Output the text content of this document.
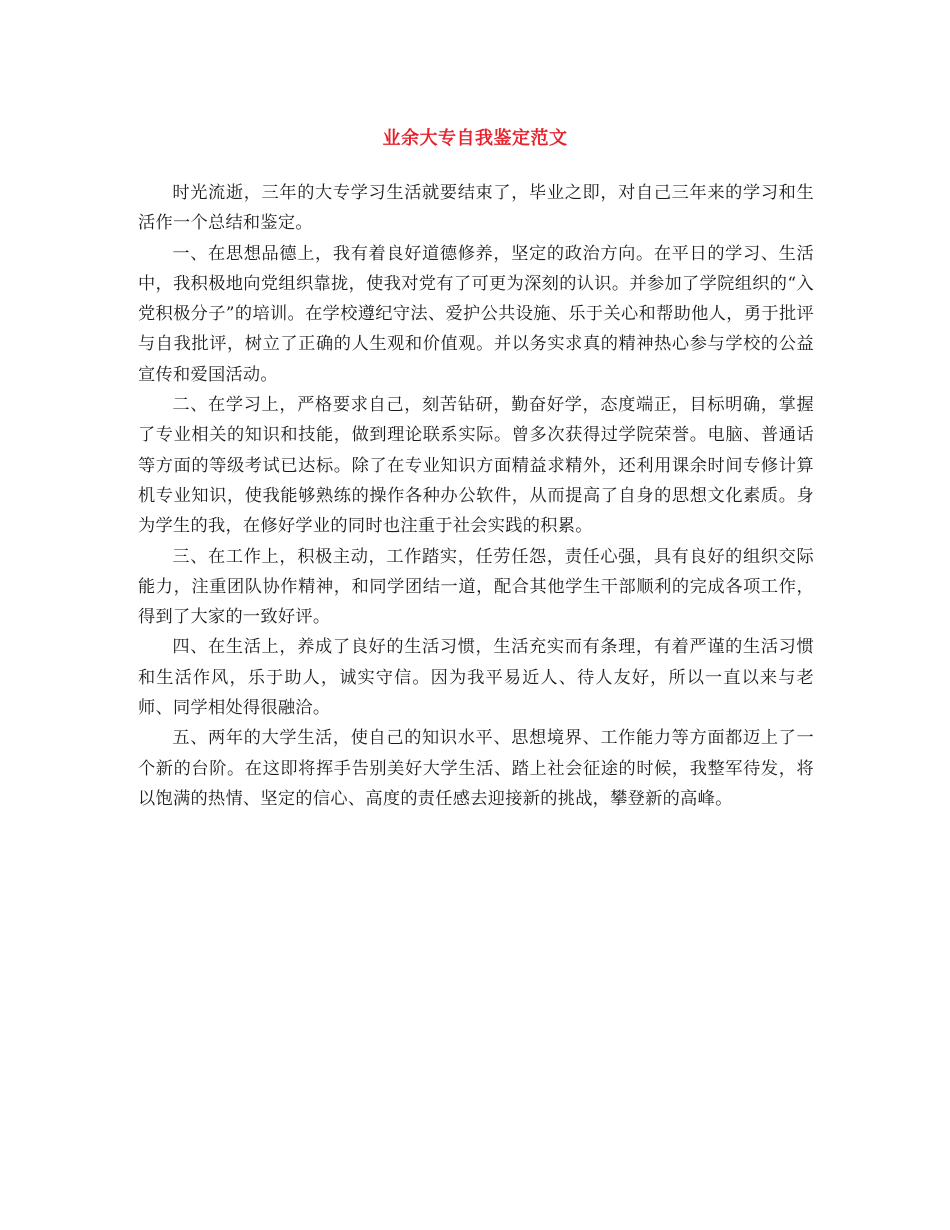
业余大专自我鉴定范文

时光流逝，三年的大专学习生活就要结束了，毕业之即，对自己三年来的学习和生活作一个总结和鉴定。

一、在思想品德上，我有着良好道德修养，坚定的政治方向。在平日的学习、生活中，我积极地向党组织靠拢，使我对党有了可更为深刻的认识。并参加了学院组织的“入党积极分子”的培训。在学校遵纪守法、爱护公共设施、乐于关心和帮助他人，勇于批评与自我批评，树立了正确的人生观和价值观。并以务实求真的精神热心参与学校的公益宣传和爱国活动。

二、在学习上，严格要求自己，刻苦钻研，勤奋好学，态度端正，目标明确，掌握了专业相关的知识和技能，做到理论联系实际。曾多次获得过学院荣誉。电脑、普通话等方面的等级考试已达标。除了在专业知识方面精益求精外，还利用课余时间专修计算机专业知识，使我能够熟练的操作各种办公软件，从而提高了自身的思想文化素质。身为学生的我，在修好学业的同时也注重于社会实践的积累。

三、在工作上，积极主动，工作踏实，任劳任怨，责任心强，具有良好的组织交际能力，注重团队协作精神，和同学团结一道，配合其他学生干部顺利的完成各项工作，得到了大家的一致好评。

四、在生活上，养成了良好的生活习惯，生活充实而有条理，有着严谨的生活习惯和生活作风，乐于助人，诚实守信。因为我平易近人、待人友好，所以一直以来与老师、同学相处得很融洽。

五、两年的大学生活，使自己的知识水平、思想境界、工作能力等方面都迈上了一个新的台阶。在这即将挥手告别美好大学生活、踏上社会征途的时候，我整军待发，将以饱满的热情、坚定的信心、高度的责任感去迎接新的挑战，攀登新的高峰。
